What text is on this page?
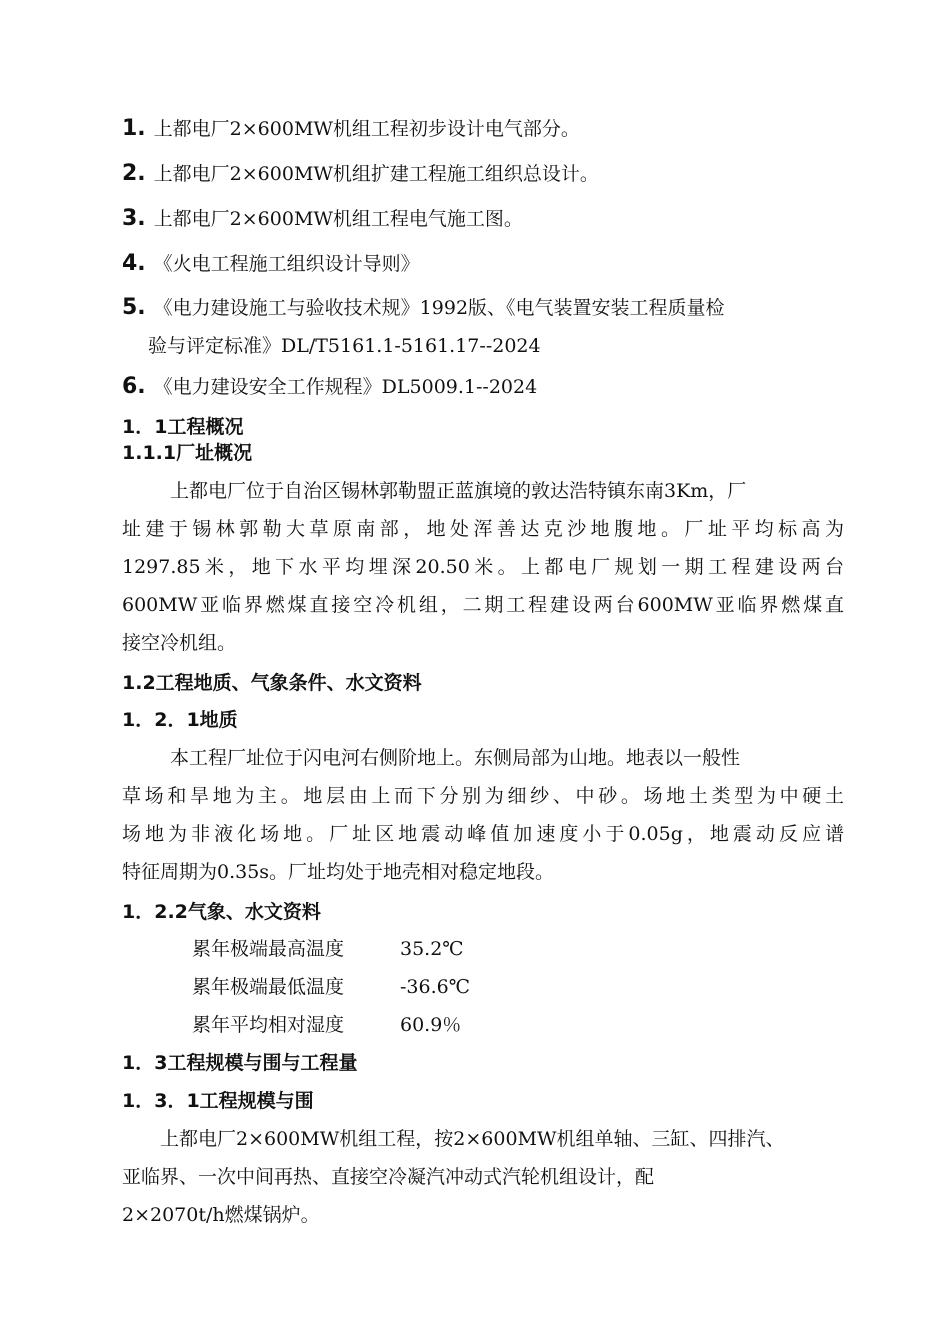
1. 上都电厂2×600MW机组工程初步设计电气部分。
2. 上都电厂2×600MW机组扩建工程施工组织总设计。
3. 上都电厂2×600MW机组工程电气施工图。
4. 《火电工程施工组织设计导则》
5. 《电力建设施工与验收技术规》1992版、《电气装置安装工程质量检
验与评定标准》DL/T5161.1-5161.17--2024
6. 《电力建设安全工作规程》DL5009.1--2024
1．1工程概况
1.1.1厂址概况
上都电厂位于自治区锡林郭勒盟正蓝旗境的敦达浩特镇东南3Km，厂
址建于锡林郭勒大草原南部，地处浑善达克沙地腹地。厂址平均标高为
1297.85米，地下水平均埋深20.50米。上都电厂规划一期工程建设两台
600MW亚临界燃煤直接空冷机组，二期工程建设两台600MW亚临界燃煤直
接空冷机组。
1.2工程地质、气象条件、水文资料
1．2．1地质
本工程厂址位于闪电河右侧阶地上。东侧局部为山地。地表以一般性
草场和旱地为主。地层由上而下分别为细纱、中砂。场地土类型为中硬土
场地为非液化场地。厂址区地震动峰值加速度小于0.05g，地震动反应谱
特征周期为0.35s。厂址均处于地壳相对稳定地段。
1．2.2气象、水文资料
累年极端最高温度	35.2℃
累年极端最低温度	-36.6℃
累年平均相对湿度	60.9％
1．3工程规模与围与工程量
1．3．1工程规模与围
上都电厂2×600MW机组工程，按2×600MW机组单轴、三缸、四排汽、
亚临界、一次中间再热、直接空冷凝汽冲动式汽轮机组设计，配
2×2070t/h燃煤锅炉。
